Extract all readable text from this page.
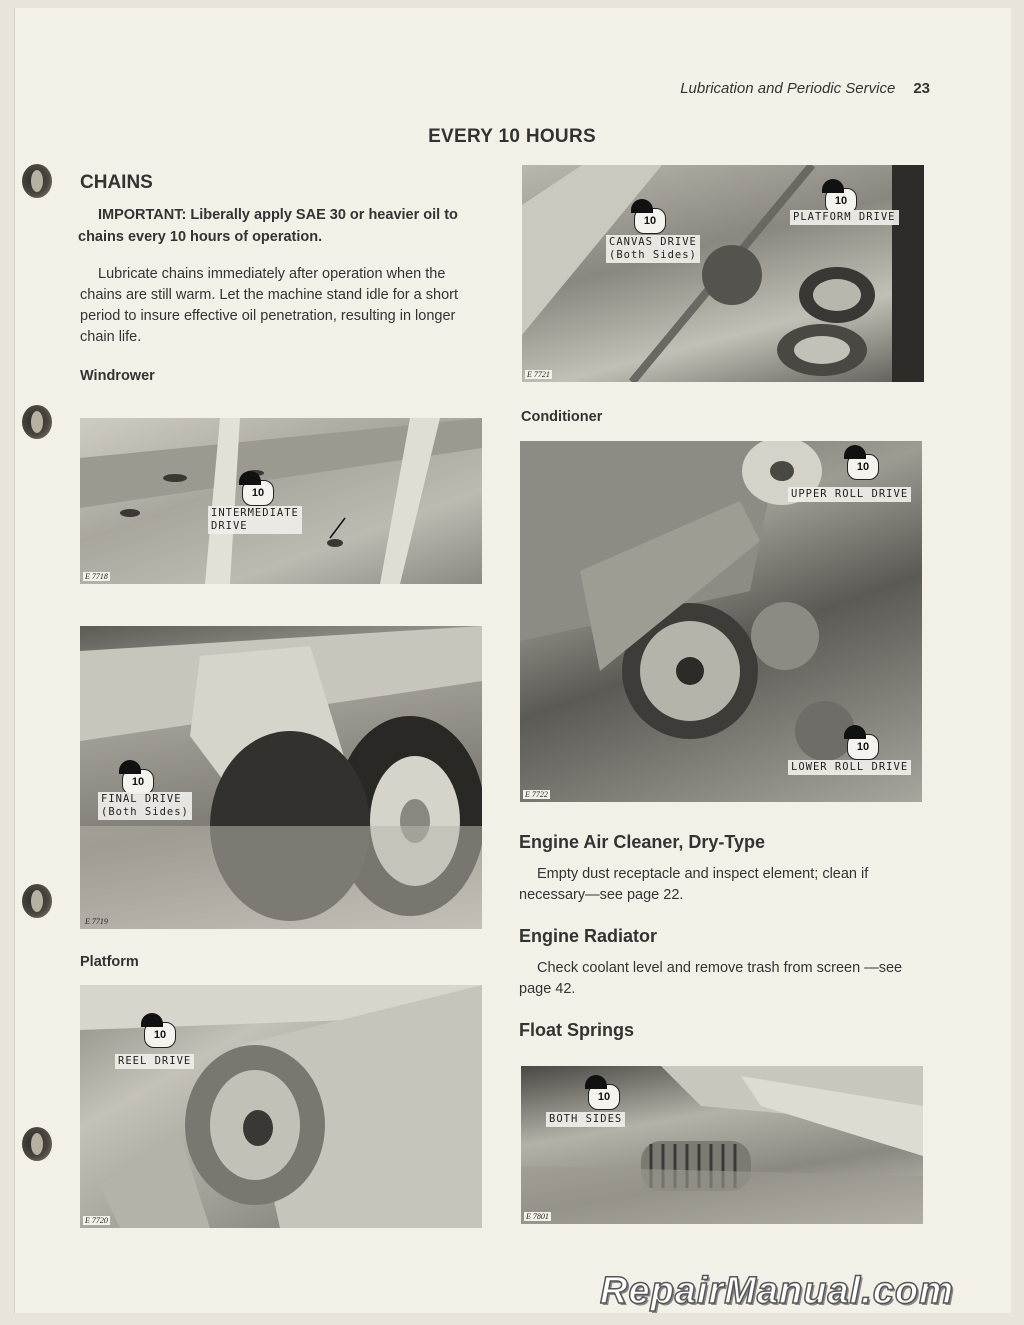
Lubrication and Periodic Service 23
EVERY 10 HOURS
CHAINS
IMPORTANT: Liberally apply SAE 30 or heavier oil to chains every 10 hours of operation.
Lubricate chains immediately after operation when the chains are still warm. Let the machine stand idle for a short period to insure effective oil penetration, resulting in longer chain life.
Windrower
10
INTERMEDIATE
DRIVE
E 7718
10
FINAL DRIVE
(Both Sides)
E 7719
Platform
10
REEL DRIVE
E 7720
10
10
PLATFORM DRIVE
CANVAS DRIVE
(Both Sides)
E 7721
Conditioner
10
10
UPPER ROLL DRIVE
LOWER ROLL DRIVE
E 7722
Engine Air Cleaner, Dry-Type
Empty dust receptacle and inspect element; clean if necessary—see page 22.
Engine Radiator
Check coolant level and remove trash from screen —see page 42.
Float Springs
10
BOTH SIDES
E 7801
RepairManual.com
